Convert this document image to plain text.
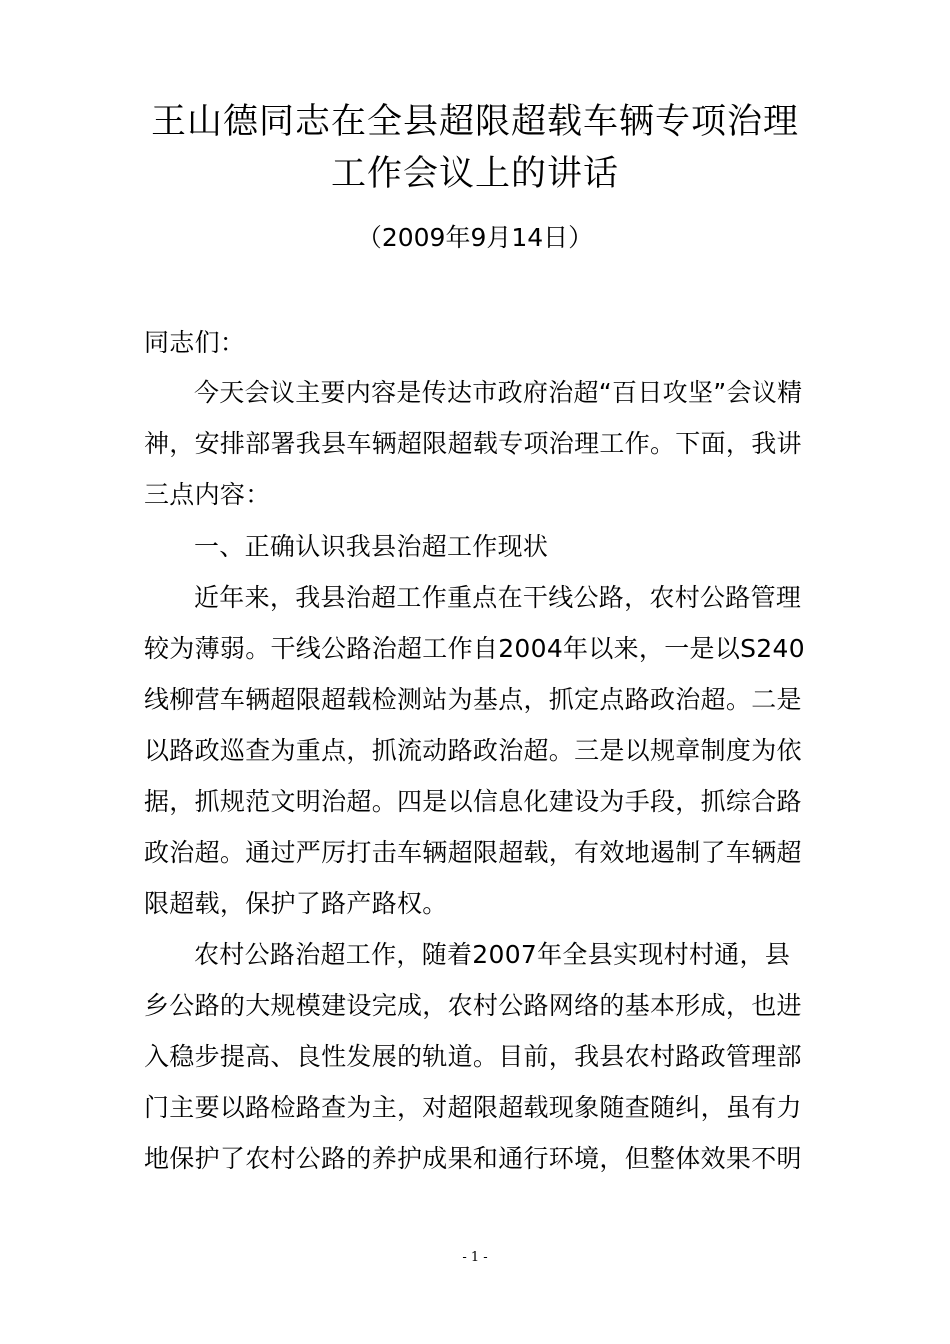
王山德同志在全县超限超载车辆专项治理
工作会议上的讲话
（2009年9月14日）
同志们：
今天会议主要内容是传达市政府治超“百日攻坚”会议精神，安排部署我县车辆超限超载专项治理工作。下面，我讲三点内容：
一、正确认识我县治超工作现状
近年来，我县治超工作重点在干线公路，农村公路管理较为薄弱。干线公路治超工作自2004年以来，一是以S240线柳营车辆超限超载检测站为基点，抓定点路政治超。二是以路政巡查为重点，抓流动路政治超。三是以规章制度为依据，抓规范文明治超。四是以信息化建设为手段，抓综合路政治超。通过严厉打击车辆超限超载，有效地遏制了车辆超限超载，保护了路产路权。
农村公路治超工作，随着2007年全县实现村村通，县乡公路的大规模建设完成，农村公路网络的基本形成，也进入稳步提高、良性发展的轨道。目前，我县农村路政管理部门主要以路检路查为主，对超限超载现象随查随纠，虽有力地保护了农村公路的养护成果和通行环境，但整体效果不明
- 1 -
